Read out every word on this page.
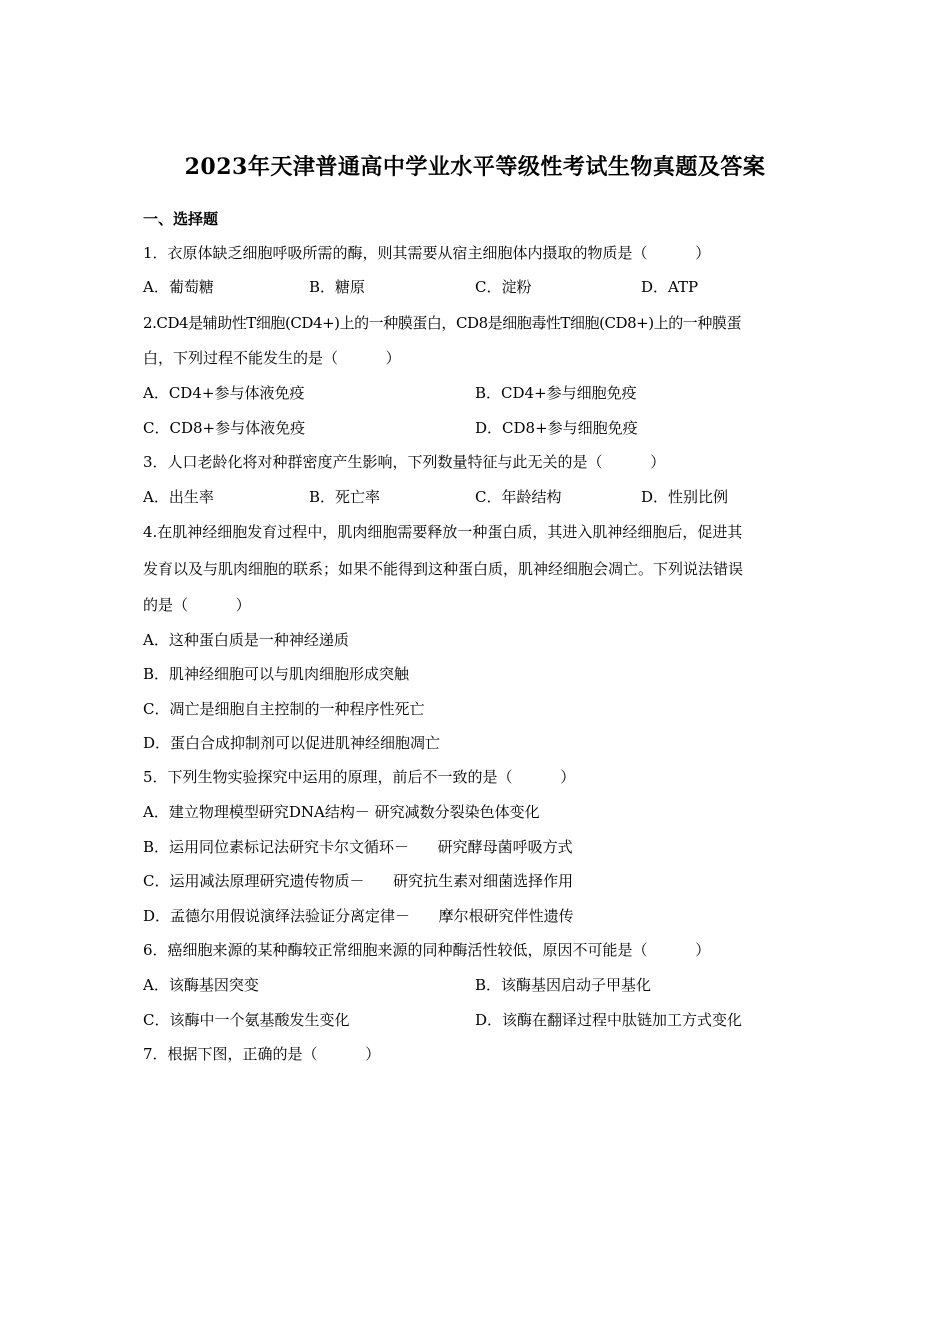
2023年天津普通高中学业水平等级性考试生物真题及答案
一、选择题
1．衣原体缺乏细胞呼吸所需的酶，则其需要从宿主细胞体内摄取的物质是（          ）
A．葡萄糖	B．糖原	C．淀粉	D．ATP
2.CD4是辅助性T细胞(CD4+)上的一种膜蛋白，CD8是细胞毒性T细胞(CD8+)上的一种膜蛋
白，下列过程不能发生的是（          ）
A．CD4+参与体液免疫	B．CD4+参与细胞免疫
C．CD8+参与体液免疫	D．CD8+参与细胞免疫
3．人口老龄化将对种群密度产生影响，下列数量特征与此无关的是（          ）
A．出生率	B．死亡率	C．年龄结构	D．性别比例
4.在肌神经细胞发育过程中，肌肉细胞需要释放一种蛋白质，其进入肌神经细胞后，促进其
发育以及与肌肉细胞的联系；如果不能得到这种蛋白质，肌神经细胞会凋亡。下列说法错误
的是（          ）
A．这种蛋白质是一种神经递质
B．肌神经细胞可以与肌肉细胞形成突触
C．凋亡是细胞自主控制的一种程序性死亡
D．蛋白合成抑制剂可以促进肌神经细胞凋亡
5．下列生物实验探究中运用的原理，前后不一致的是（          ）
A．建立物理模型研究DNA结构－ 研究减数分裂染色体变化
B．运用同位素标记法研究卡尔文循环－      研究酵母菌呼吸方式
C．运用减法原理研究遗传物质－      研究抗生素对细菌选择作用
D．孟德尔用假说演绎法验证分离定律－      摩尔根研究伴性遗传
6．癌细胞来源的某种酶较正常细胞来源的同种酶活性较低，原因不可能是（          ）
A．该酶基因突变	B．该酶基因启动子甲基化
C．该酶中一个氨基酸发生变化	D．该酶在翻译过程中肽链加工方式变化
7．根据下图，正确的是（          ）
